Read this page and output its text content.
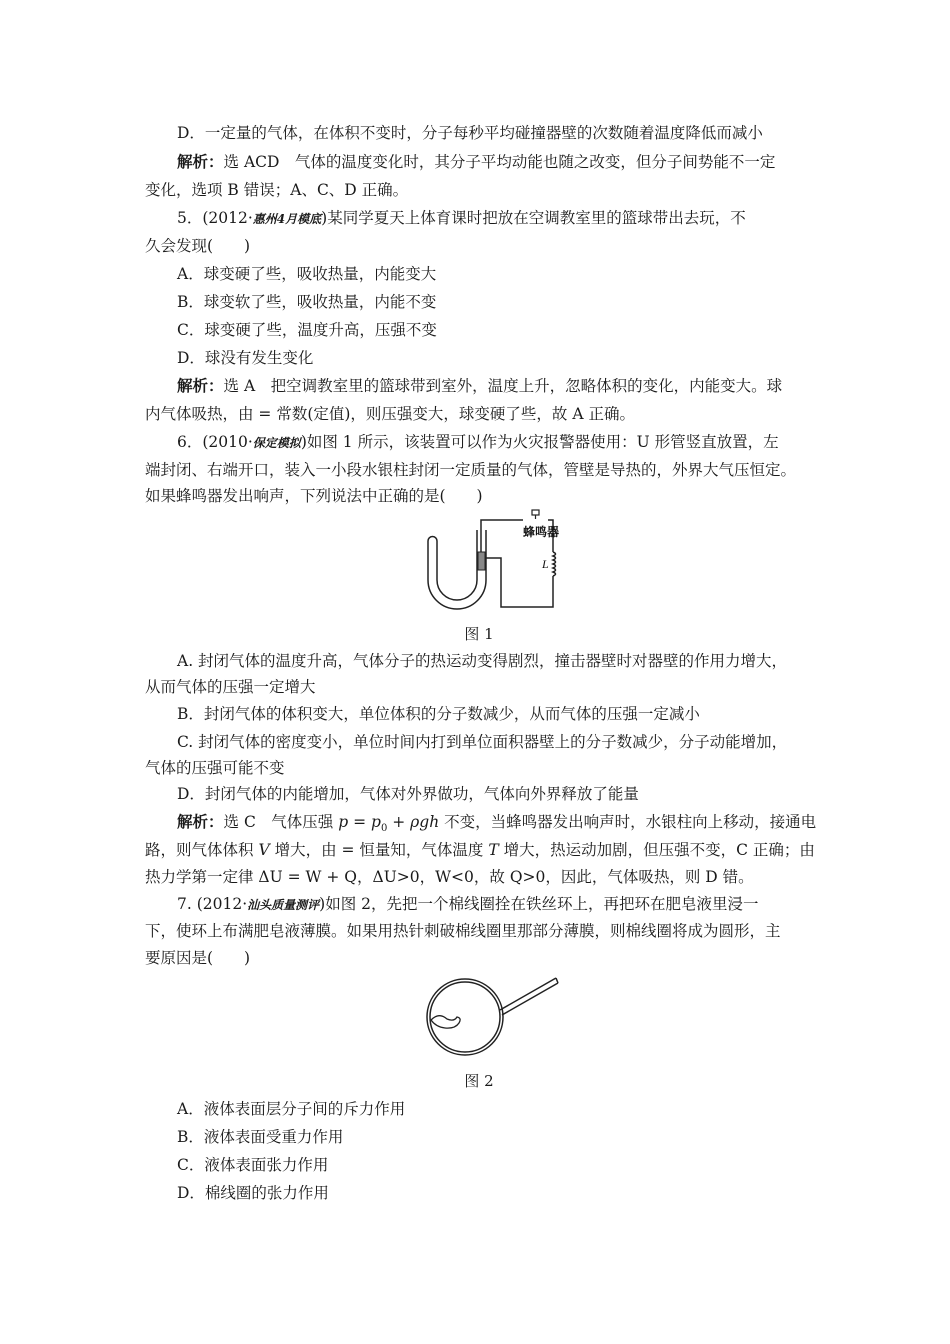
D．一定量的气体，在体积不变时，分子每秒平均碰撞器壁的次数随着温度降低而减小
解析：选 ACD　气体的温度变化时，其分子平均动能也随之改变，但分子间势能不一定
变化，选项 B 错误；A、C、D 正确。
5．(2012·惠州4月模底)某同学夏天上体育课时把放在空调教室里的篮球带出去玩，不
久会发现(　　)
A．球变硬了些，吸收热量，内能变大
B．球变软了些，吸收热量，内能不变
C．球变硬了些，温度升高，压强不变
D．球没有发生变化
解析：选 A　把空调教室里的篮球带到室外，温度上升，忽略体积的变化，内能变大。球
内气体吸热，由 = 常数(定值)，则压强变大，球变硬了些，故 A 正确。
6．(2010·保定模拟)如图 1 所示，该装置可以作为火灾报警器使用：U 形管竖直放置，左
端封闭、右端开口，装入一小段水银柱封闭一定质量的气体，管壁是导热的，外界大气压恒定。
如果蜂鸣器发出响声，下列说法中正确的是(　　)
蜂鸣器
L
图 1
A. 封闭气体的温度升高，气体分子的热运动变得剧烈，撞击器壁时对器壁的作用力增大，
从而气体的压强一定增大
B．封闭气体的体积变大，单位体积的分子数减少，从而气体的压强一定减小
C. 封闭气体的密度变小，单位时间内打到单位面积器壁上的分子数减少，分子动能增加，
气体的压强可能不变
D．封闭气体的内能增加，气体对外界做功，气体向外界释放了能量
解析：选 C　气体压强 $p = p_0 + \rho gh$ 不变，当蜂鸣器发出响声时，水银柱向上移动，接通电
路，则气体体积 V 增大，由 = 恒量知，气体温度 T 增大，热运动加剧，但压强不变，C 正确；由
热力学第一定律 ΔU = W + Q，ΔU>0，W<0，故 Q>0，因此，气体吸热，则 D 错。
7. (2012·汕头质量测评)如图 2，先把一个棉线圈拴在铁丝环上，再把环在肥皂液里浸一
下，使环上布满肥皂液薄膜。如果用热针刺破棉线圈里那部分薄膜，则棉线圈将成为圆形，主
要原因是(　　)
图 2
A．液体表面层分子间的斥力作用
B．液体表面受重力作用
C．液体表面张力作用
D．棉线圈的张力作用
